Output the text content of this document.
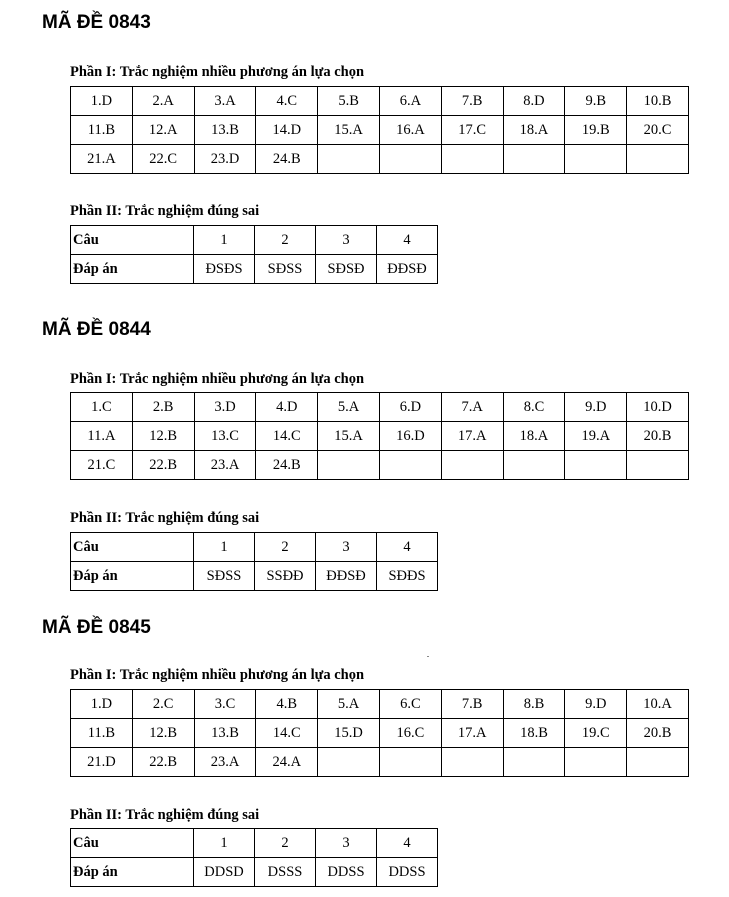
MÃ ĐỀ 0843
Phần I: Trắc nghiệm nhiều phương án lựa chọn
1.D	2.A	3.A	4.C	5.B	6.A	7.B	8.D	9.B	10.B
11.B	12.A	13.B	14.D	15.A	16.A	17.C	18.A	19.B	20.C
21.A	22.C	23.D	24.B						
Phần II: Trắc nghiệm đúng sai
Câu	1	2	3	4
Đáp án	ĐSĐS	SĐSS	SĐSĐ	ĐĐSĐ
MÃ ĐỀ 0844
Phần I: Trắc nghiệm nhiều phương án lựa chọn
1.C	2.B	3.D	4.D	5.A	6.D	7.A	8.C	9.D	10.D
11.A	12.B	13.C	14.C	15.A	16.D	17.A	18.A	19.A	20.B
21.C	22.B	23.A	24.B						
Phần II: Trắc nghiệm đúng sai
Câu	1	2	3	4
Đáp án	SĐSS	SSĐĐ	ĐĐSĐ	SĐĐS
MÃ ĐỀ 0845
Phần I: Trắc nghiệm nhiều phương án lựa chọn
1.D	2.C	3.C	4.B	5.A	6.C	7.B	8.B	9.D	10.A
11.B	12.B	13.B	14.C	15.D	16.C	17.A	18.B	19.C	20.B
21.D	22.B	23.A	24.A						
Phần II: Trắc nghiệm đúng sai
Câu	1	2	3	4
Đáp án	DDSD	DSSS	DDSS	DDSS
